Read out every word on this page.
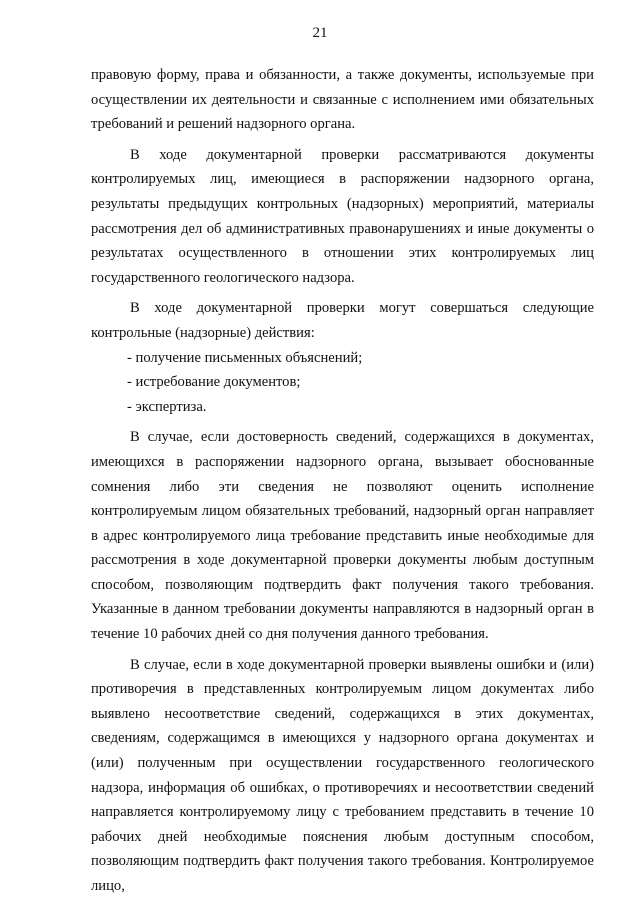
21

правовую форму, права и обязанности, а также документы, используемые при осуществлении их деятельности и связанные с исполнением ими обязательных требований и решений надзорного органа.

В ходе документарной проверки рассматриваются документы контролируемых лиц, имеющиеся в распоряжении надзорного органа, результаты предыдущих контрольных (надзорных) мероприятий, материалы рассмотрения дел об административных правонарушениях и иные документы о результатах осуществленного в отношении этих контролируемых лиц государственного геологического надзора.

В ходе документарной проверки могут совершаться следующие контрольные (надзорные) действия:

- получение письменных объяснений;

- истребование документов;

- экспертиза.

В случае, если достоверность сведений, содержащихся в документах, имеющихся в распоряжении надзорного органа, вызывает обоснованные сомнения либо эти сведения не позволяют оценить исполнение контролируемым лицом обязательных требований, надзорный орган направляет в адрес контролируемого лица требование представить иные необходимые для рассмотрения в ходе документарной проверки документы любым доступным способом, позволяющим подтвердить факт получения такого требования. Указанные в данном требовании документы направляются в надзорный орган в течение 10 рабочих дней со дня получения данного требования.

В случае, если в ходе документарной проверки выявлены ошибки и (или) противоречия в представленных контролируемым лицом документах либо выявлено несоответствие сведений, содержащихся в этих документах, сведениям, содержащимся в имеющихся у надзорного органа документах и (или) полученным при осуществлении государственного геологического надзора, информация об ошибках, о противоречиях и несоответствии сведений направляется контролируемому лицу с требованием представить в течение 10 рабочих дней необходимые пояснения любым доступным способом, позволяющим подтвердить факт получения такого требования. Контролируемое лицо,
